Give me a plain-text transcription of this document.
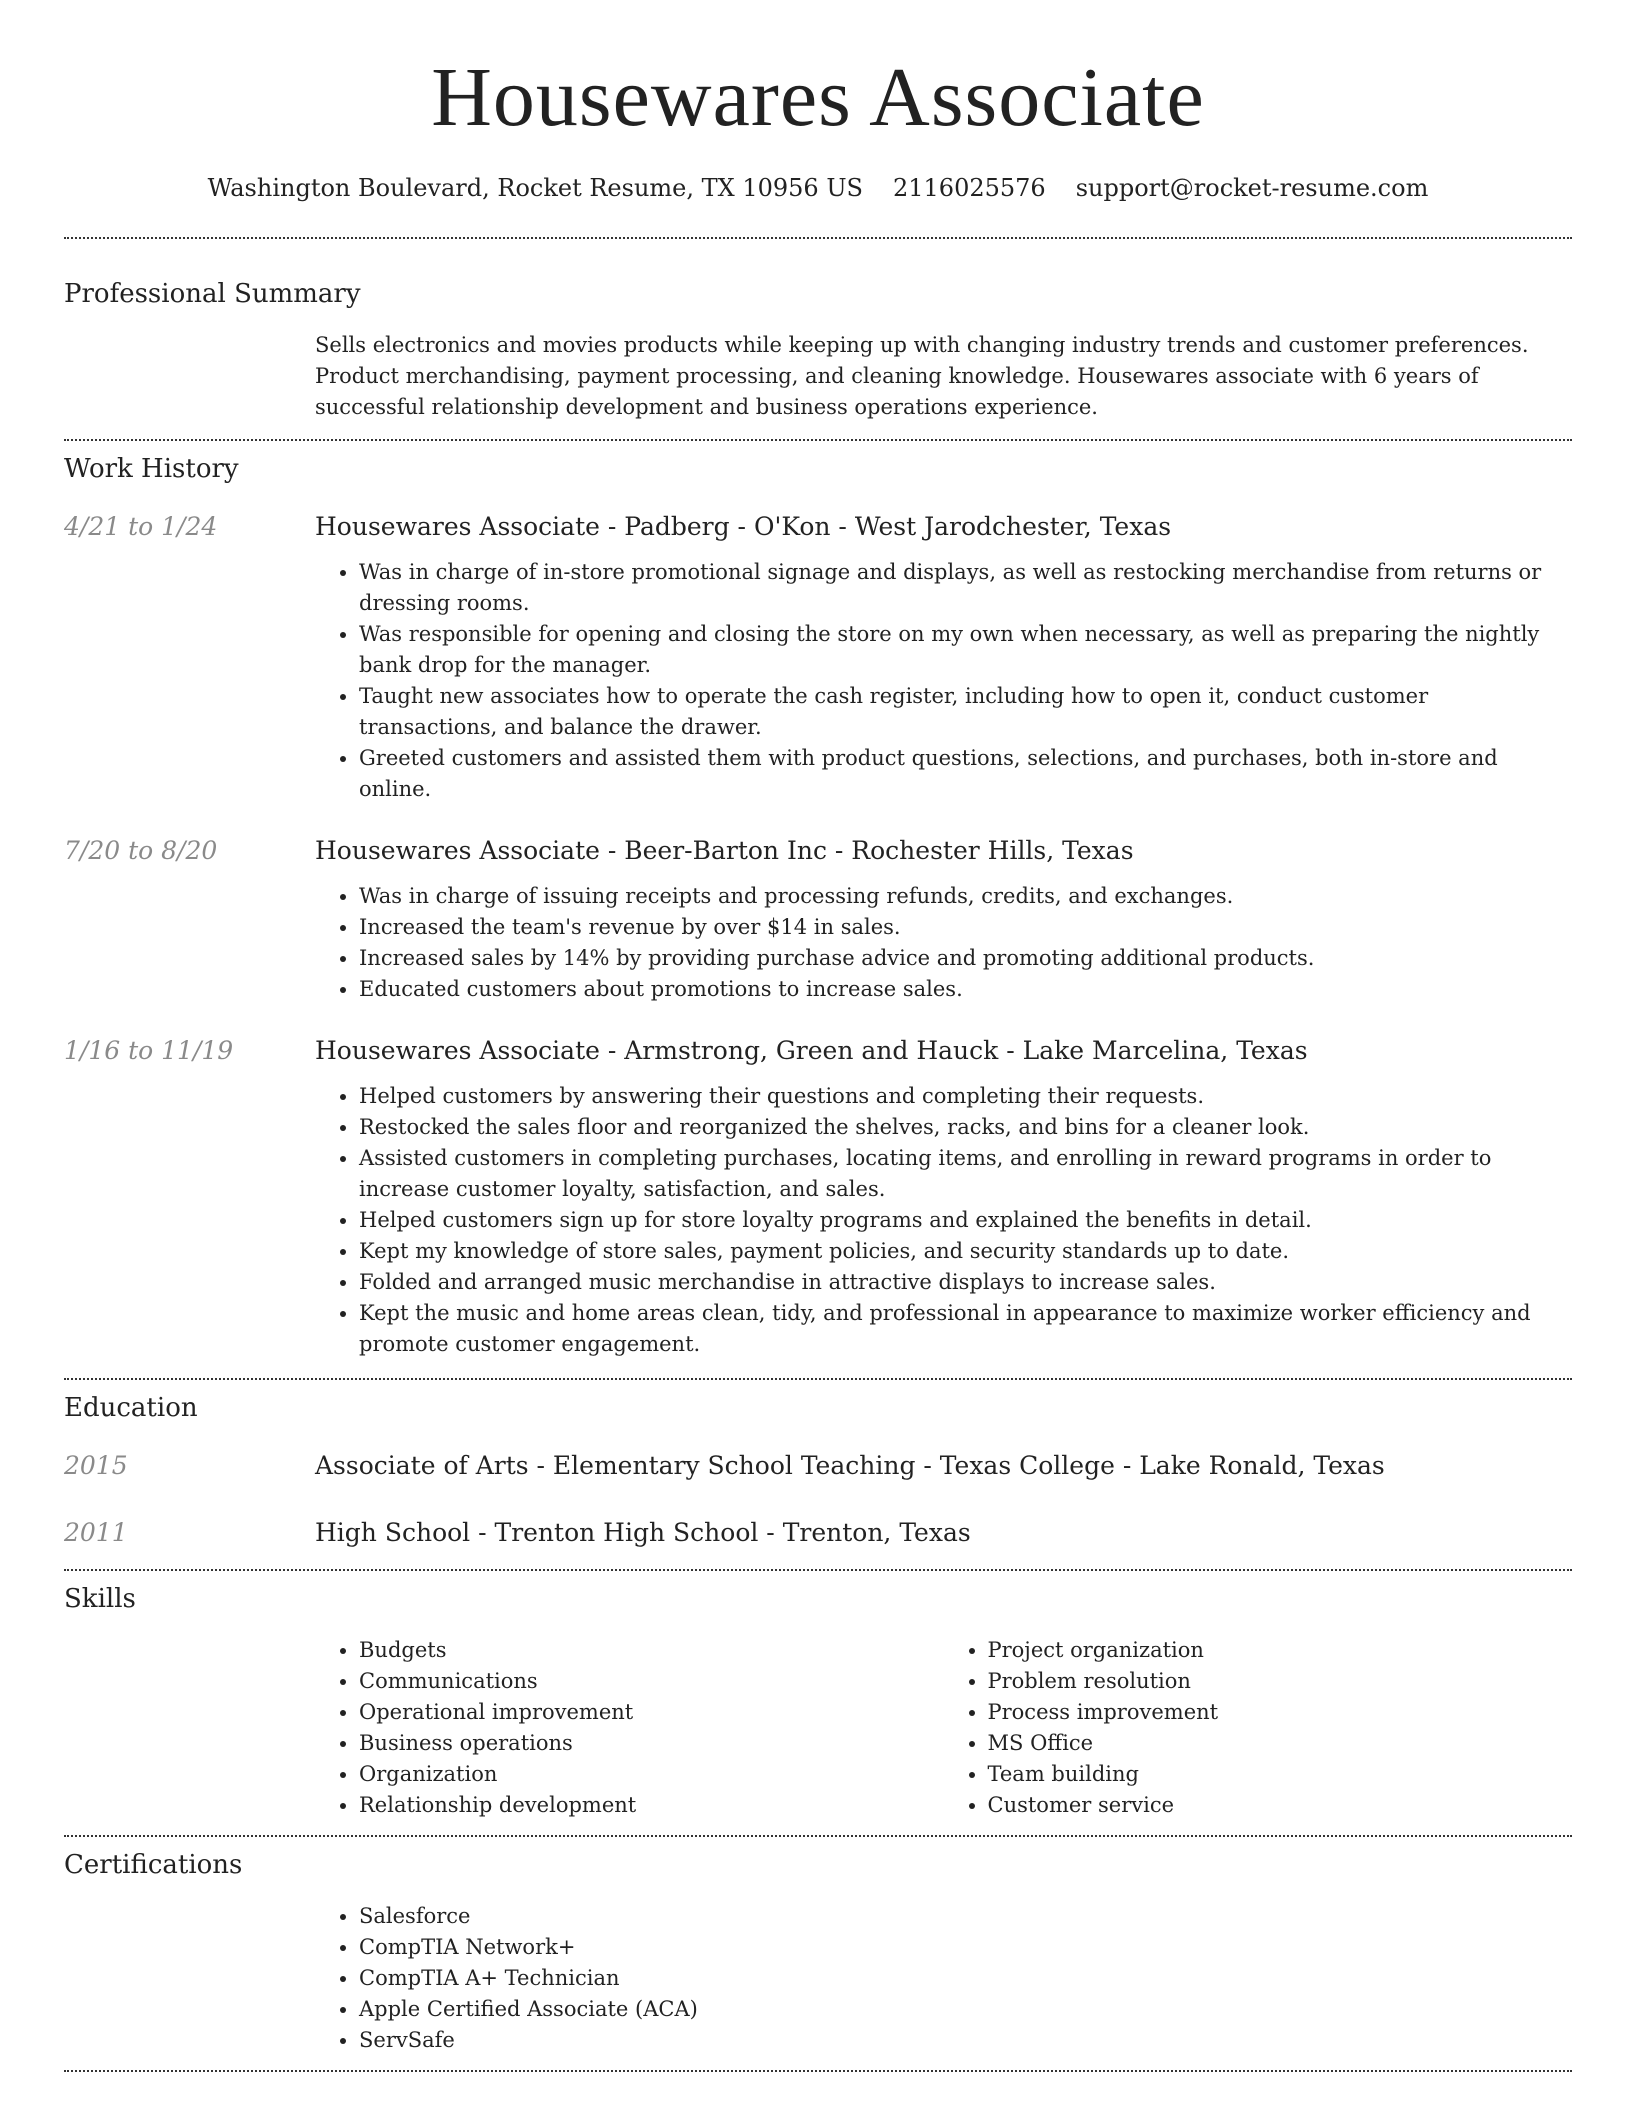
Housewares Associate
Washington Boulevard, Rocket Resume, TX 10956 US 2116025576 support@rocket-resume.com
Professional Summary
Sells electronics and movies products while keeping up with changing industry trends and customer preferences. Product merchandising, payment processing, and cleaning knowledge. Housewares associate with 6 years of successful relationship development and business operations experience.
Work History
4/21 to 1/24	Housewares Associate - Padberg - O'Kon - West Jarodchester, Texas
• Was in charge of in-store promotional signage and displays, as well as restocking merchandise from returns or dressing rooms.
• Was responsible for opening and closing the store on my own when necessary, as well as preparing the nightly bank drop for the manager.
• Taught new associates how to operate the cash register, including how to open it, conduct customer transactions, and balance the drawer.
• Greeted customers and assisted them with product questions, selections, and purchases, both in-store and online.
7/20 to 8/20	Housewares Associate - Beer-Barton Inc - Rochester Hills, Texas
• Was in charge of issuing receipts and processing refunds, credits, and exchanges.
• Increased the team's revenue by over $14 in sales.
• Increased sales by 14% by providing purchase advice and promoting additional products.
• Educated customers about promotions to increase sales.
1/16 to 11/19	Housewares Associate - Armstrong, Green and Hauck - Lake Marcelina, Texas
• Helped customers by answering their questions and completing their requests.
• Restocked the sales floor and reorganized the shelves, racks, and bins for a cleaner look.
• Assisted customers in completing purchases, locating items, and enrolling in reward programs in order to increase customer loyalty, satisfaction, and sales.
• Helped customers sign up for store loyalty programs and explained the benefits in detail.
• Kept my knowledge of store sales, payment policies, and security standards up to date.
• Folded and arranged music merchandise in attractive displays to increase sales.
• Kept the music and home areas clean, tidy, and professional in appearance to maximize worker efficiency and promote customer engagement.
Education
2015	Associate of Arts - Elementary School Teaching - Texas College - Lake Ronald, Texas
2011	High School - Trenton High School - Trenton, Texas
Skills
• Budgets
• Communications
• Operational improvement
• Business operations
• Organization
• Relationship development
• Project organization
• Problem resolution
• Process improvement
• MS Office
• Team building
• Customer service
Certifications
• Salesforce
• CompTIA Network+
• CompTIA A+ Technician
• Apple Certified Associate (ACA)
• ServSafe
